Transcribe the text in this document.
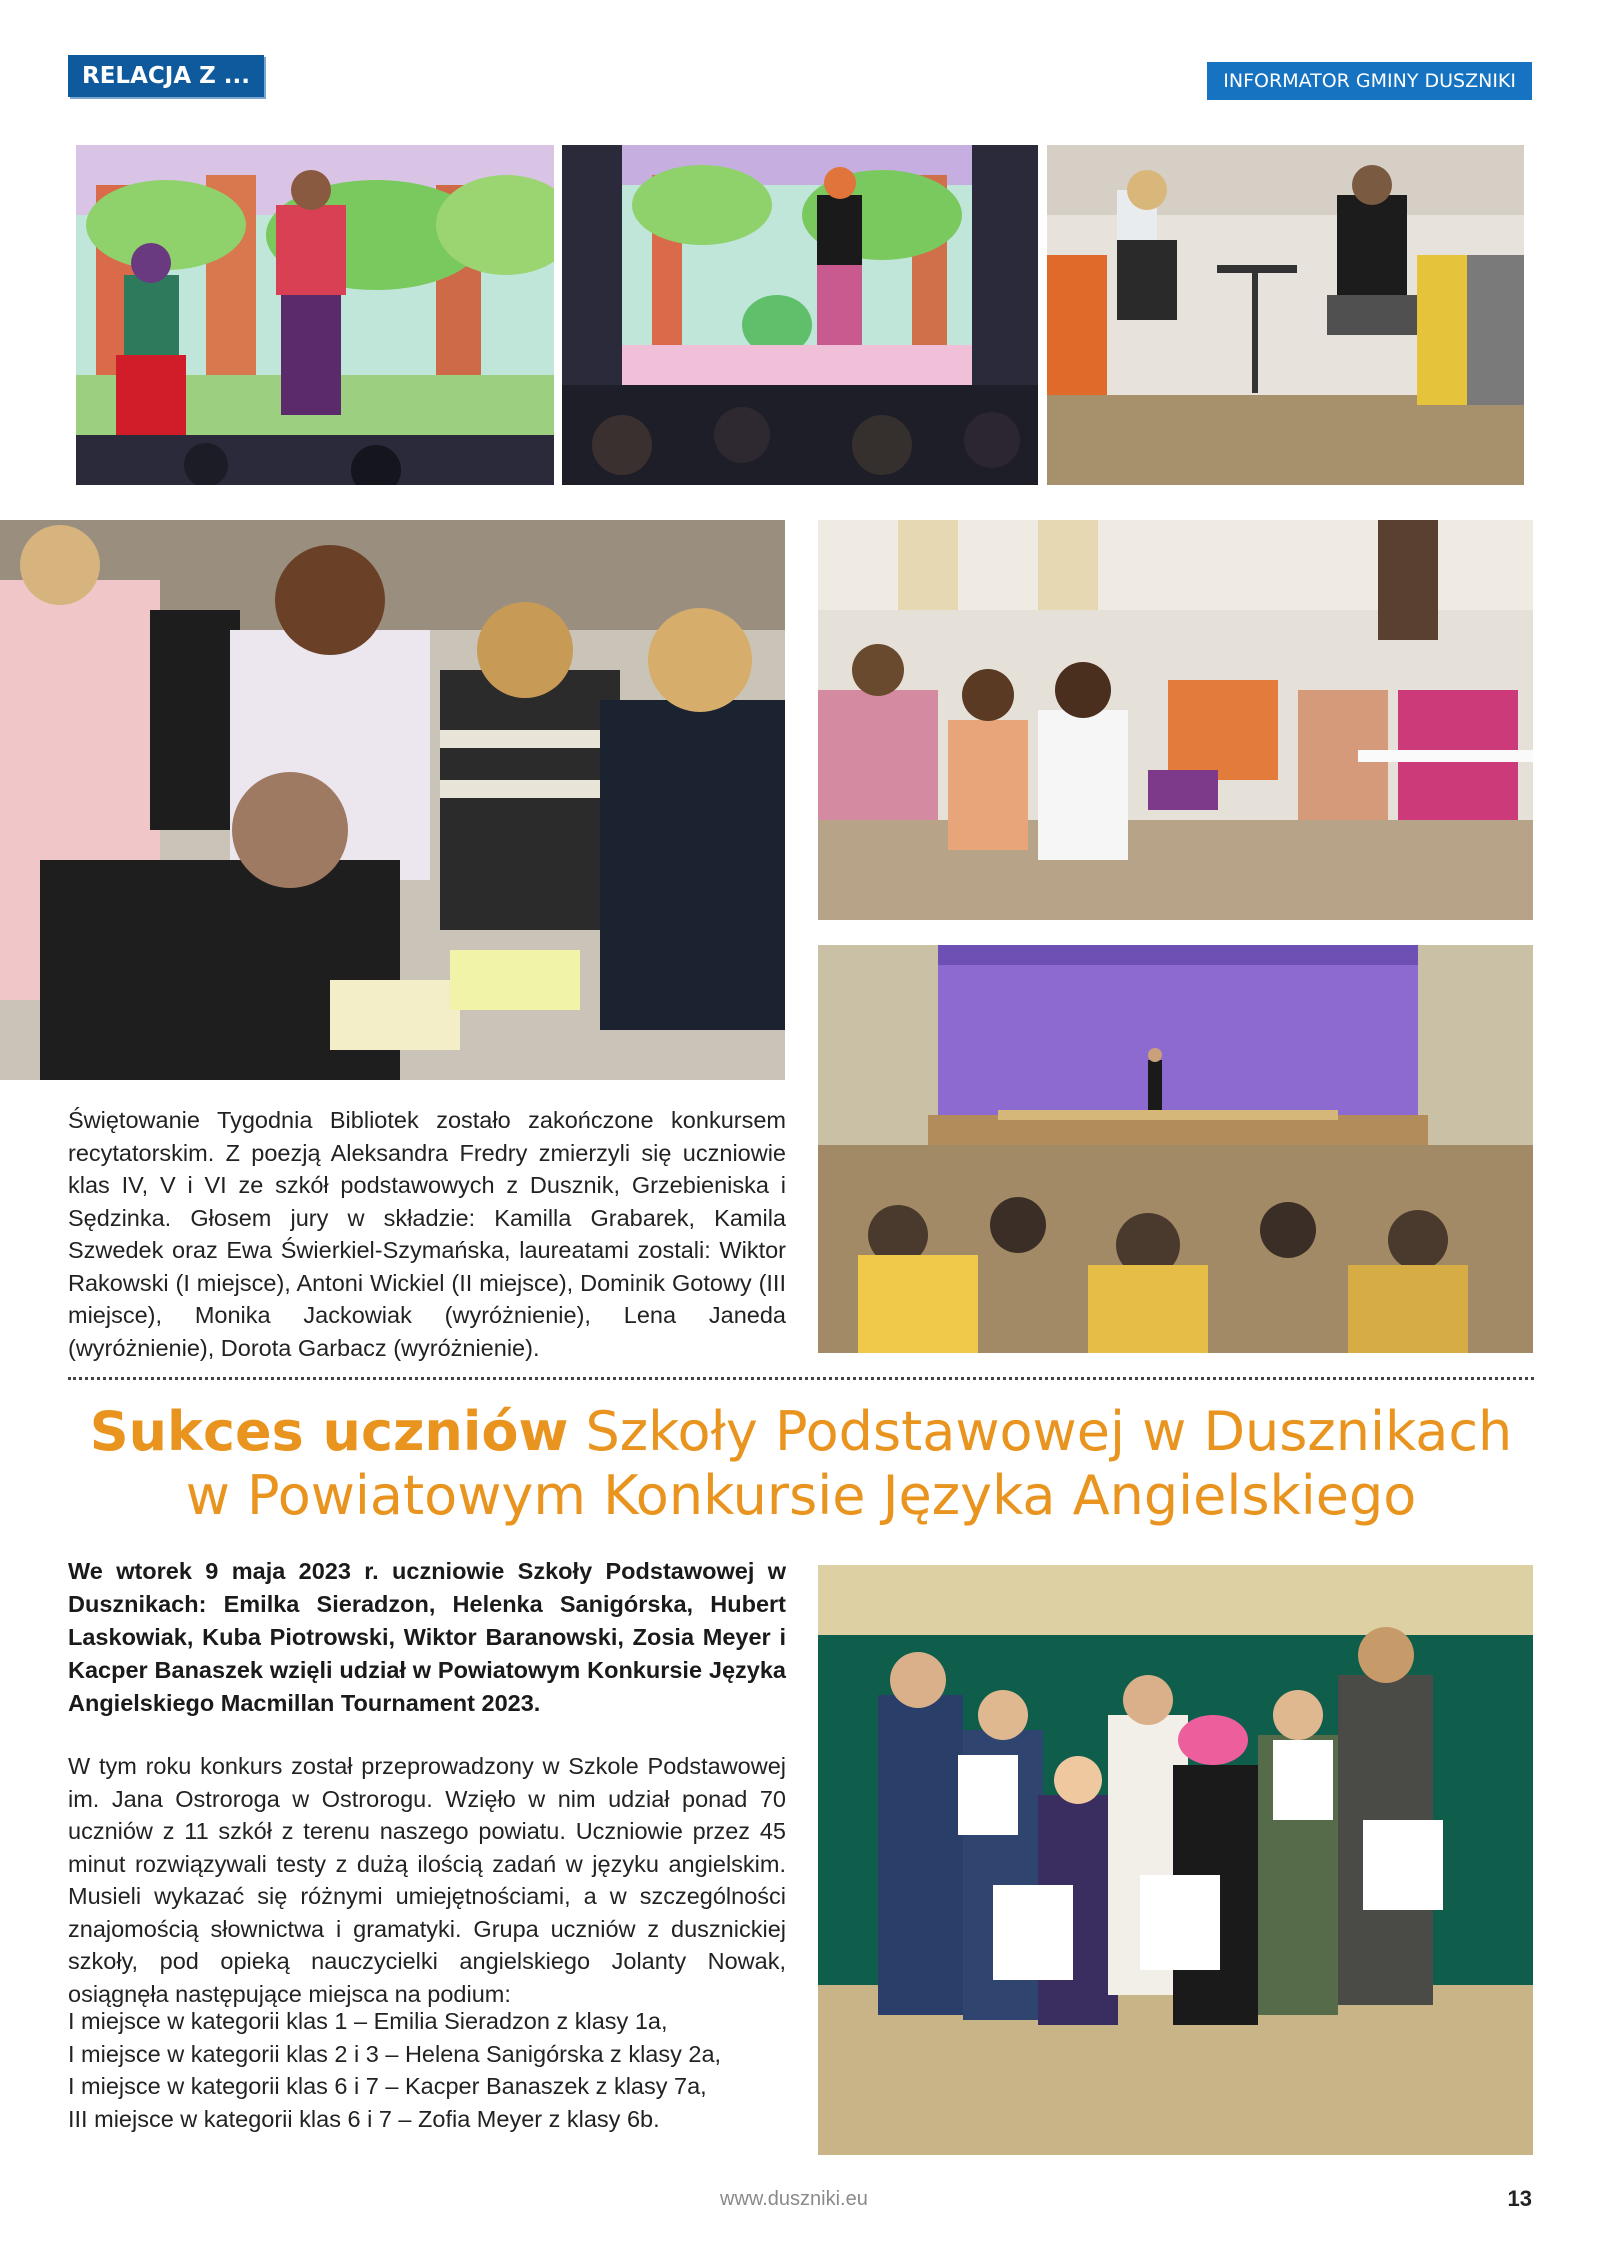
RELACJA Z ...	INFORMATOR GMINY DUSZNIKI
Świętowanie Tygodnia Bibliotek zostało zakończone konkursem recytatorskim. Z poezją Aleksandra Fredry zmierzyli się uczniowie klas IV, V i VI ze szkół podstawowych z Dusznik, Grzebieniska i Sędzinka. Głosem jury w składzie: Kamilla Grabarek, Kamila Szwedek oraz Ewa Świerkiel-Szymańska, laureatami zostali: Wiktor Rakowski (I miejsce), Antoni Wickiel (II miejsce), Dominik Gotowy (III miejsce), Monika Jackowiak (wyróżnienie), Lena Janeda (wyróżnienie), Dorota Garbacz (wyróżnienie).
Sukces uczniów Szkoły Podstawowej w Dusznikach
w Powiatowym Konkursie Języka Angielskiego
We wtorek 9 maja 2023 r. uczniowie Szkoły Podstawowej w Dusznikach: Emilka Sieradzon, Helenka Sanigórska, Hubert Laskowiak, Kuba Piotrowski, Wiktor Baranowski, Zosia Meyer i Kacper Banaszek wzięli udział w Powiatowym Konkursie Języka Angielskiego Macmillan Tournament 2023.
W tym roku konkurs został przeprowadzony w Szkole Podstawowej im. Jana Ostroroga w Ostrorogu. Wzięło w nim udział ponad 70 uczniów z 11 szkół z terenu naszego powiatu. Uczniowie przez 45 minut rozwiązywali testy z dużą ilością zadań w języku angielskim. Musieli wykazać się różnymi umiejętnościami, a w szczególności znajomością słownictwa i gramatyki. Grupa uczniów z dusznickiej szkoły, pod opieką nauczycielki angielskiego Jolanty Nowak, osiągnęła następujące miejsca na podium:
I miejsce w kategorii klas 1 – Emilia Sieradzon z klasy 1a,
I miejsce w kategorii klas 2 i 3 – Helena Sanigórska z klasy 2a,
I miejsce w kategorii klas 6 i 7 – Kacper Banaszek z klasy 7a,
III miejsce w kategorii klas 6 i 7 – Zofia Meyer z klasy 6b.
www.duszniki.eu	13
